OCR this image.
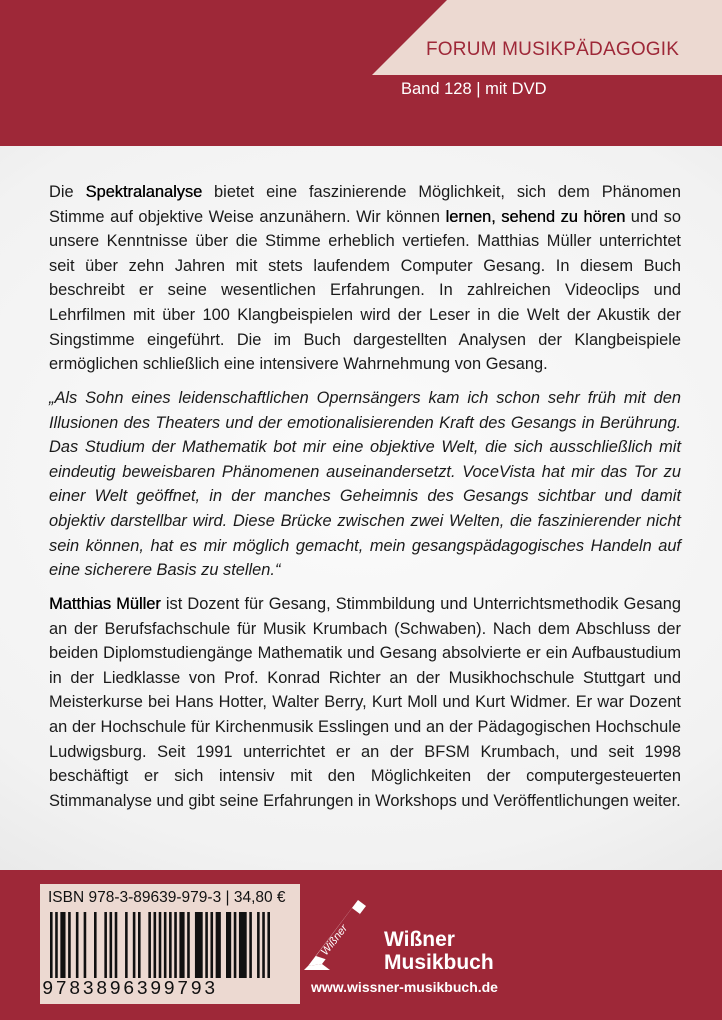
FORUM MUSIKPÄDAGOGIK
Band 128 | mit DVD
Die Spektralanalyse bietet eine faszinierende Möglichkeit, sich dem Phänomen Stimme auf objektive Weise anzunähern. Wir können lernen, sehend zu hören und so unsere Kenntnisse über die Stimme erheblich vertiefen. Matthias Müller unterrichtet seit über zehn Jahren mit stets laufendem Computer Gesang. In diesem Buch beschreibt er seine wesentlichen Erfahrungen. In zahlreichen Videoclips und Lehrfilmen mit über 100 Klangbeispielen wird der Leser in die Welt der Akustik der Singstimme eingeführt. Die im Buch dargestellten Analysen der Klangbeispiele ermöglichen schließlich eine intensivere Wahrnehmung von Gesang.
„Als Sohn eines leidenschaftlichen Opernsängers kam ich schon sehr früh mit den Illusionen des Theaters und der emotionalisierenden Kraft des Gesangs in Berührung. Das Studium der Mathematik bot mir eine objektive Welt, die sich ausschließlich mit eindeutig beweisbaren Phänomenen auseinandersetzt. VoceVista hat mir das Tor zu einer Welt geöffnet, in der manches Geheimnis des Gesangs sichtbar und damit objektiv darstellbar wird. Diese Brücke zwischen zwei Welten, die faszinierender nicht sein können, hat es mir möglich gemacht, mein gesangspädagogisches Handeln auf eine sicherere Basis zu stellen.“
Matthias Müller ist Dozent für Gesang, Stimmbildung und Unterrichtsmethodik Gesang an der Berufsfachschule für Musik Krumbach (Schwaben). Nach dem Abschluss der beiden Diplomstudiengänge Mathematik und Gesang absolvierte er ein Aufbaustudium in der Liedklasse von Prof. Konrad Richter an der Musikhochschule Stuttgart und Meisterkurse bei Hans Hotter, Walter Berry, Kurt Moll und Kurt Widmer. Er war Dozent an der Hochschule für Kirchenmusik Esslingen und an der Pädagogischen Hochschule Ludwigsburg. Seit 1991 unterrichtet er an der BFSM Krumbach, und seit 1998 beschäftigt er sich intensiv mit den Möglichkeiten der computergesteuerten Stimmanalyse und gibt seine Erfahrungen in Workshops und Veröffentlichungen weiter.
ISBN 978-3-89639-979-3 | 34,80 €
9783896399793
Wißner Wißner
Musikbuch
www.wissner-musikbuch.de
